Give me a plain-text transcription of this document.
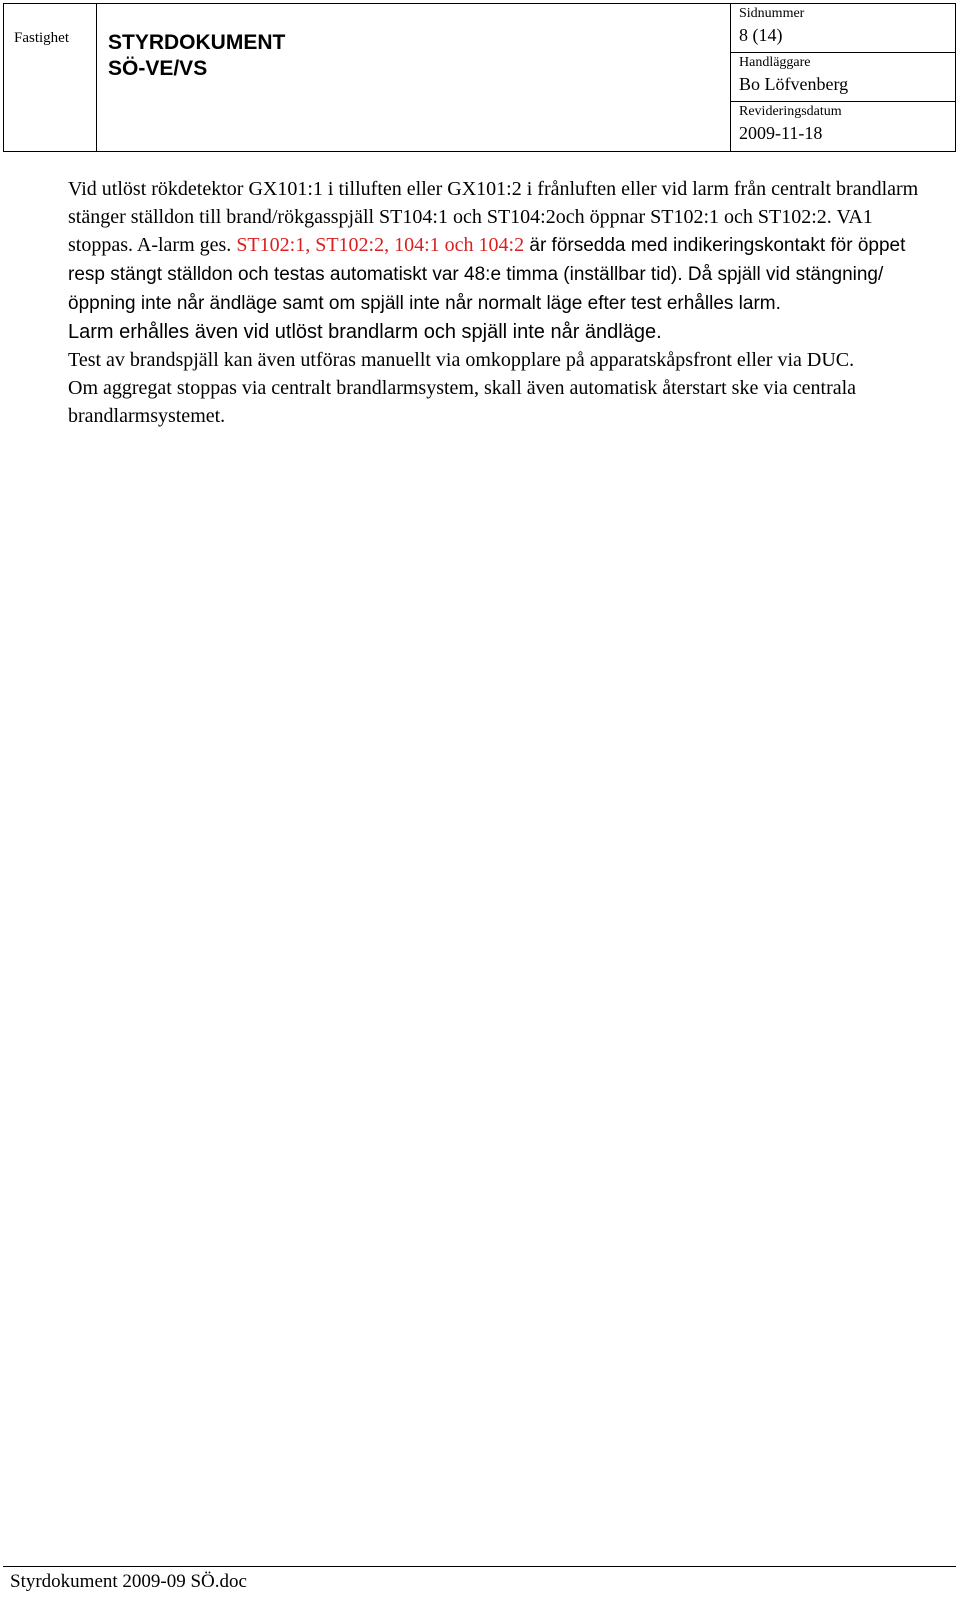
Fastighet STYRDOKUMENT
SÖ-VE/VS
Sidnummer
8 (14)
Handläggare
Bo Löfvenberg
Revideringsdatum
2009-11-18

Vid utlöst rökdetektor GX101:1 i tilluften eller GX101:2 i frånluften eller vid larm från centralt brandlarm stänger ställdon till brand/rökgasspjäll ST104:1 och ST104:2och öppnar ST102:1 och ST102:2. VA1 stoppas. A-larm ges. ST102:1, ST102:2, 104:1 och 104:2 är försedda med indikeringskontakt för öppet resp stängt ställdon och testas automatiskt var 48:e timma (inställbar tid). Då spjäll vid stängning/öppning inte når ändläge samt om spjäll inte når normalt läge efter test erhålles larm.

Larm erhålles även vid utlöst brandlarm och spjäll inte når ändläge.

Test av brandspjäll kan även utföras manuellt via omkopplare på apparatskåpsfront eller via DUC.

Om aggregat stoppas via centralt brandlarmsystem, skall även automatisk återstart ske via centrala brandlarmsystemet.

Styrdokument 2009-09 SÖ.doc
